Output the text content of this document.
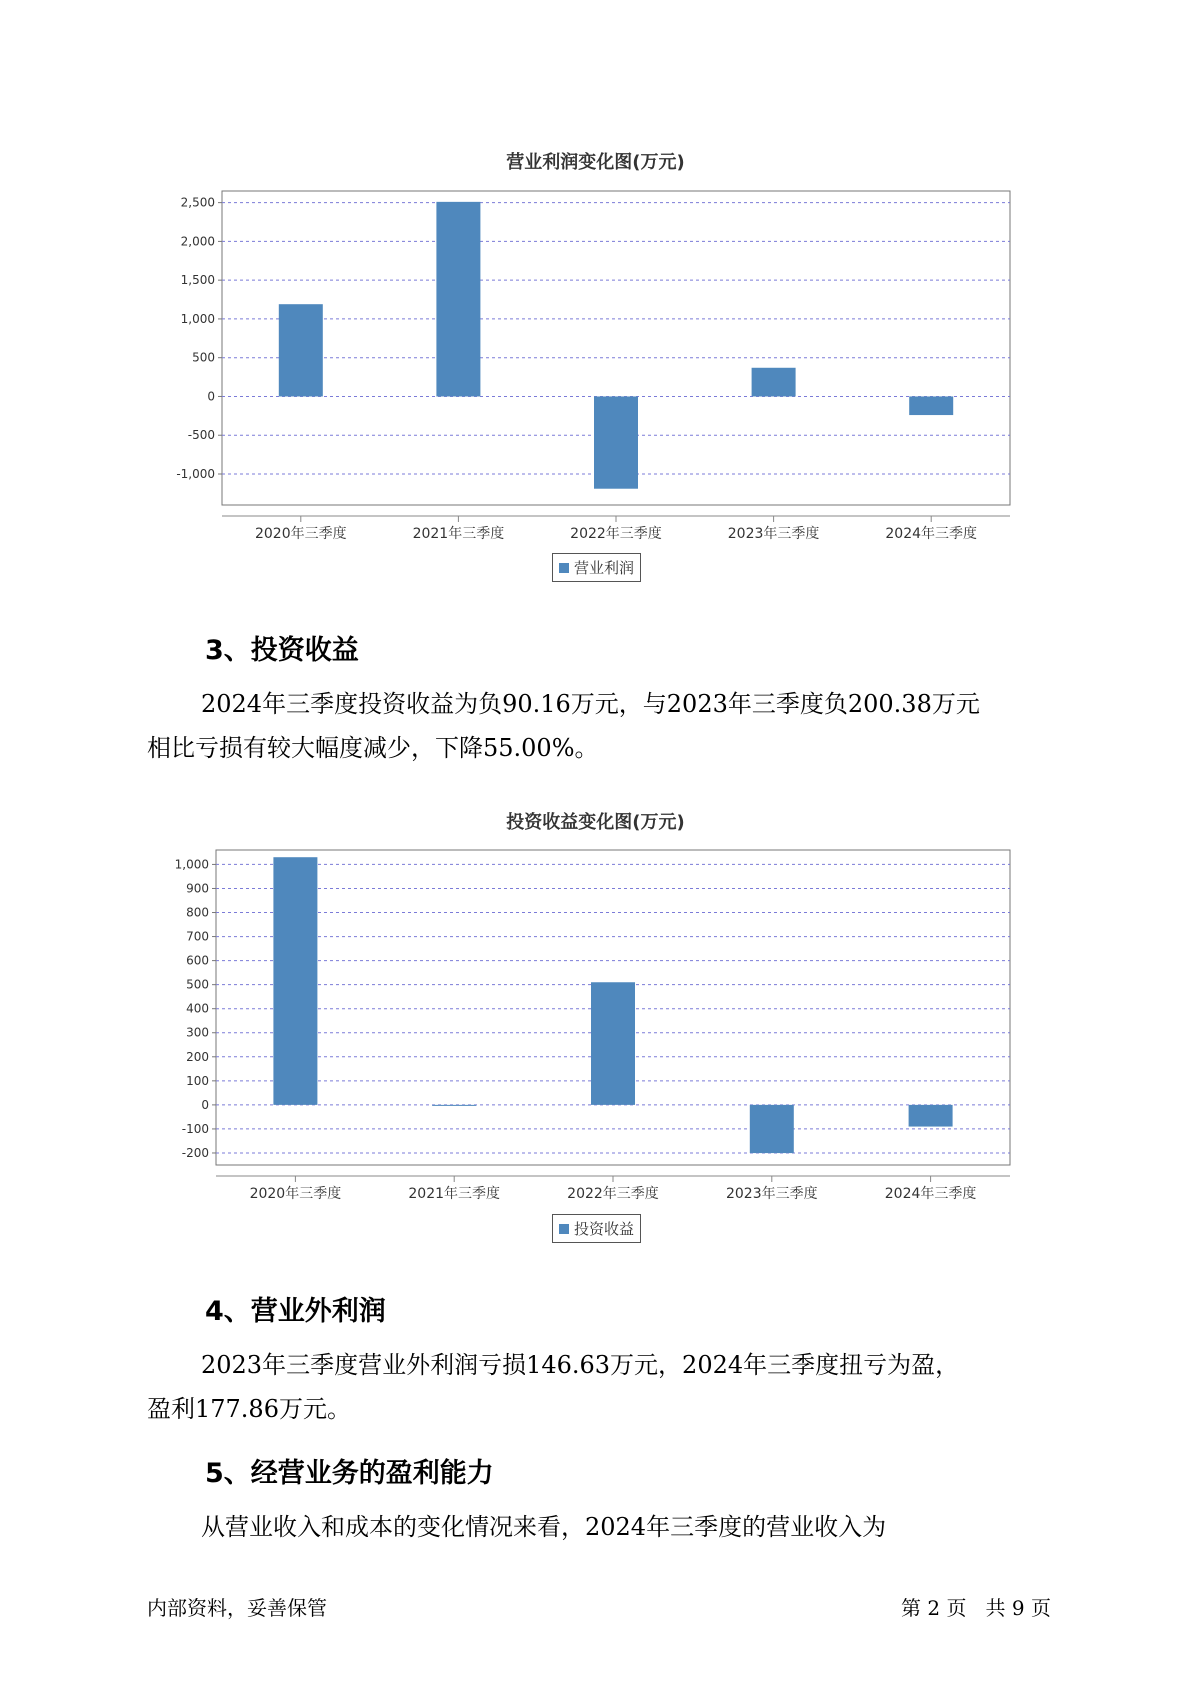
营业利润变化图(万元)
2,500
2,000
1,500
1,000
500
0
-500
-1,000
2020年三季度	2021年三季度	2022年三季度	2023年三季度	2024年三季度
营业利润
3、投资收益
2024年三季度投资收益为负90.16万元，与2023年三季度负200.38万元
相比亏损有较大幅度减少，下降55.00%。
投资收益变化图(万元)
1,000
900
800
700
600
500
400
300
200
100
0
-100
-200
2020年三季度	2021年三季度	2022年三季度	2023年三季度	2024年三季度
投资收益
4、营业外利润
2023年三季度营业外利润亏损146.63万元，2024年三季度扭亏为盈，
盈利177.86万元。
5、经营业务的盈利能力
从营业收入和成本的变化情况来看，2024年三季度的营业收入为
内部资料，妥善保管	第 2 页   共 9 页
